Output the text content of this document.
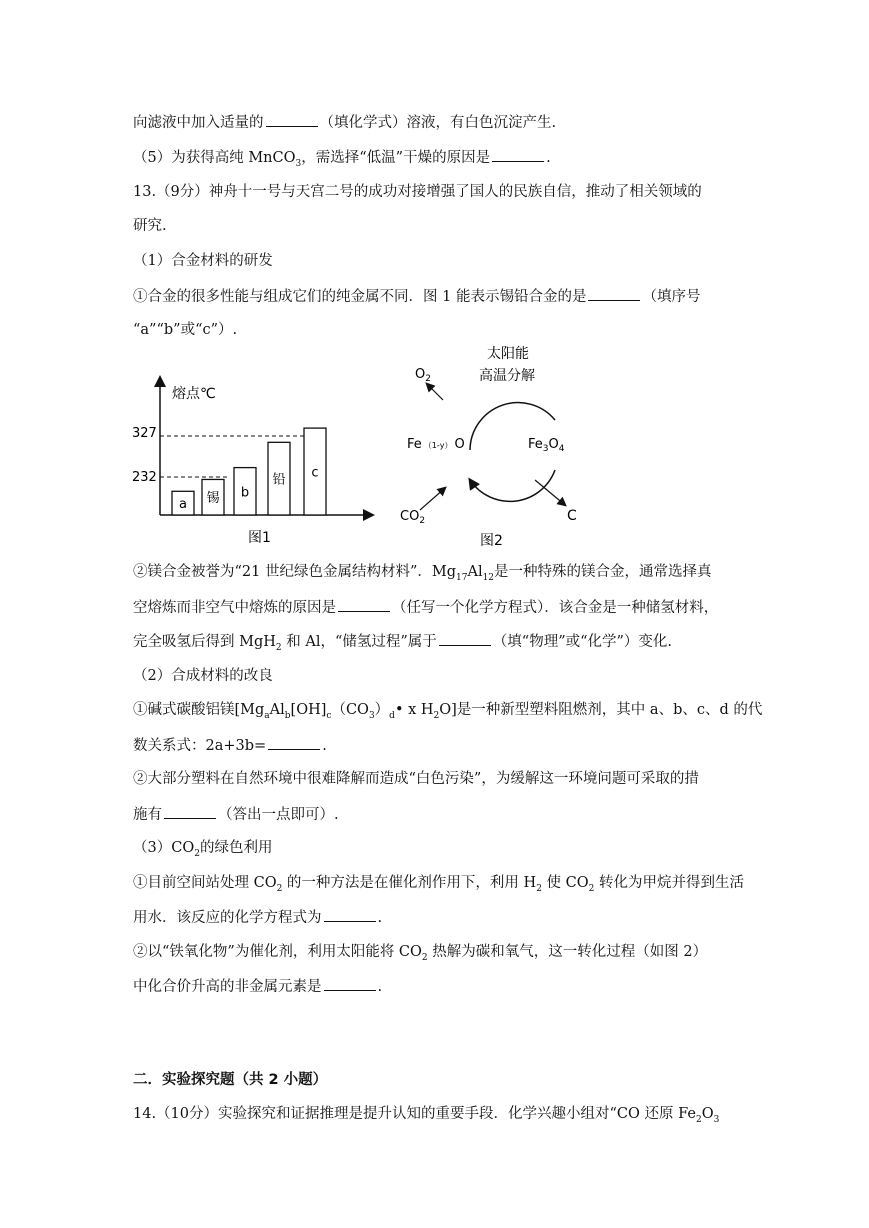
向滤液中加入适量的	（填化学式）溶液，有白色沉淀产生.
（5）为获得高纯 MnCO$_3$，需选择“低温”干燥的原因是	.
13.（9分）神舟十一号与天宫二号的成功对接增强了国人的民族自信，推动了相关领域的
研究.
（1）合金材料的研发
①合金的很多性能与组成它们的纯金属不同．图 1 能表示锡铅合金的是	（填序号
“a”“b”或“c”）.
熔点℃
327
232
a 锡 b
铅 c
图1
太阳能
高温分解
$O_2$
Fe （1-y） O	$Fe_3O_4$
$CO_2$	C
图2
②镁合金被誉为“21 世纪绿色金属结构材料”．$Mg_{17}Al_{12}$是一种特殊的镁合金，通常选择真
空熔炼而非空气中熔炼的原因是	（任写一个化学方程式）．该合金是一种储氢材料，
完全吸氢后得到 MgH$_2$ 和 Al，“储氢过程”属于	（填“物理”或“化学”）变化.
（2）合成材料的改良
①碱式碳酸铝镁[$Mg_aAl_b[OH]_c(CO_3)_d•$ x $H_2O$]是一种新型塑料阻燃剂，其中 a、b、c、d 的代
数关系式：2a+3b=	.
②大部分塑料在自然环境中很难降解而造成“白色污染”，为缓解这一环境问题可采取的措
施有	（答出一点即可）.
$(3)CO_2$的绿色利用
①目前空间站处理 $CO_2$ 的一种方法是在催化剂作用下，利用 $H_2$ 使 $CO_2$ 转化为甲烷并得到生活
用水．该反应的化学方程式为	.
②以“铁氧化物”为催化剂，利用太阳能将 $CO_2$ 热解为碳和氧气，这一转化过程（如图 2）
中化合价升高的非金属元素是	.
二．实验探究题（共 2 小题）
14.（10分）实验探究和证据推理是提升认知的重要手段．化学兴趣小组对“CO 还原 $Fe_2O_3$
